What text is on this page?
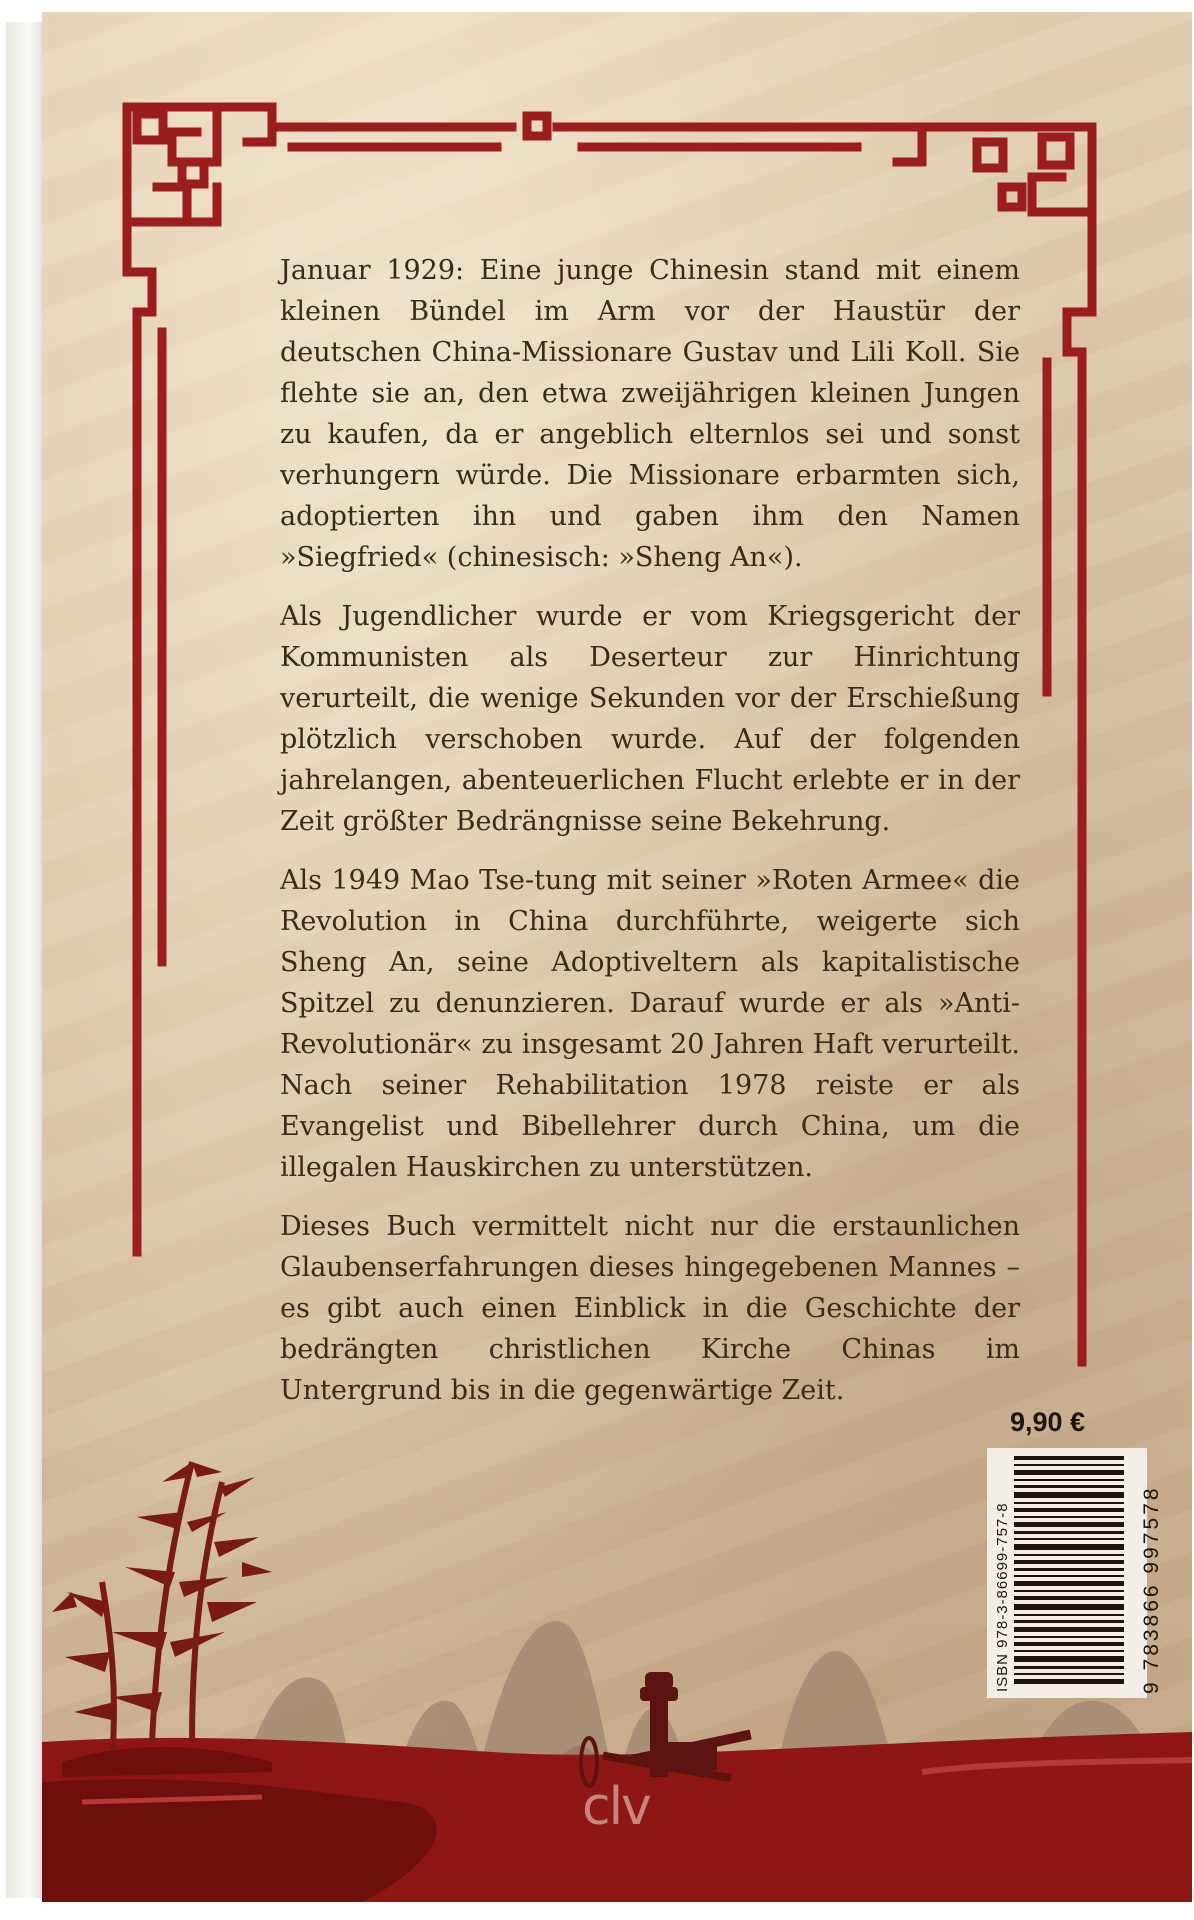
Januar 1929: Eine junge Chinesin stand mit einem kleinen Bündel im Arm vor der Haustür der deutschen China-Missionare Gustav und Lili Koll. Sie flehte sie an, den etwa zweijährigen kleinen Jungen zu kaufen, da er angeblich elternlos sei und sonst verhungern würde. Die Missionare erbarmten sich, adoptierten ihn und gaben ihm den Namen »Siegfried« (chinesisch: »Sheng An«).

Als Jugendlicher wurde er vom Kriegsgericht der Kommunisten als Deserteur zur Hinrichtung verurteilt, die wenige Sekunden vor der Erschießung plötzlich verschoben wurde. Auf der folgenden jahrelangen, abenteuerlichen Flucht erlebte er in der Zeit größter Bedrängnisse seine Bekehrung.

Als 1949 Mao Tse-tung mit seiner »Roten Armee« die Revolution in China durchführte, weigerte sich Sheng An, seine Adoptiveltern als kapitalistische Spitzel zu denunzieren. Darauf wurde er als »Anti-Revolutionär« zu insgesamt 20 Jahren Haft verurteilt. Nach seiner Rehabilitation 1978 reiste er als Evangelist und Bibellehrer durch China, um die illegalen Hauskirchen zu unterstützen.

Dieses Buch vermittelt nicht nur die erstaunlichen Glaubenserfahrungen dieses hingegebenen Mannes – es gibt auch einen Einblick in die Geschichte der bedrängten christlichen Kirche Chinas im Untergrund bis in die gegenwärtige Zeit.

clv
9,90 €
ISBN 978-3-86699-757-8	9 783866 997578
